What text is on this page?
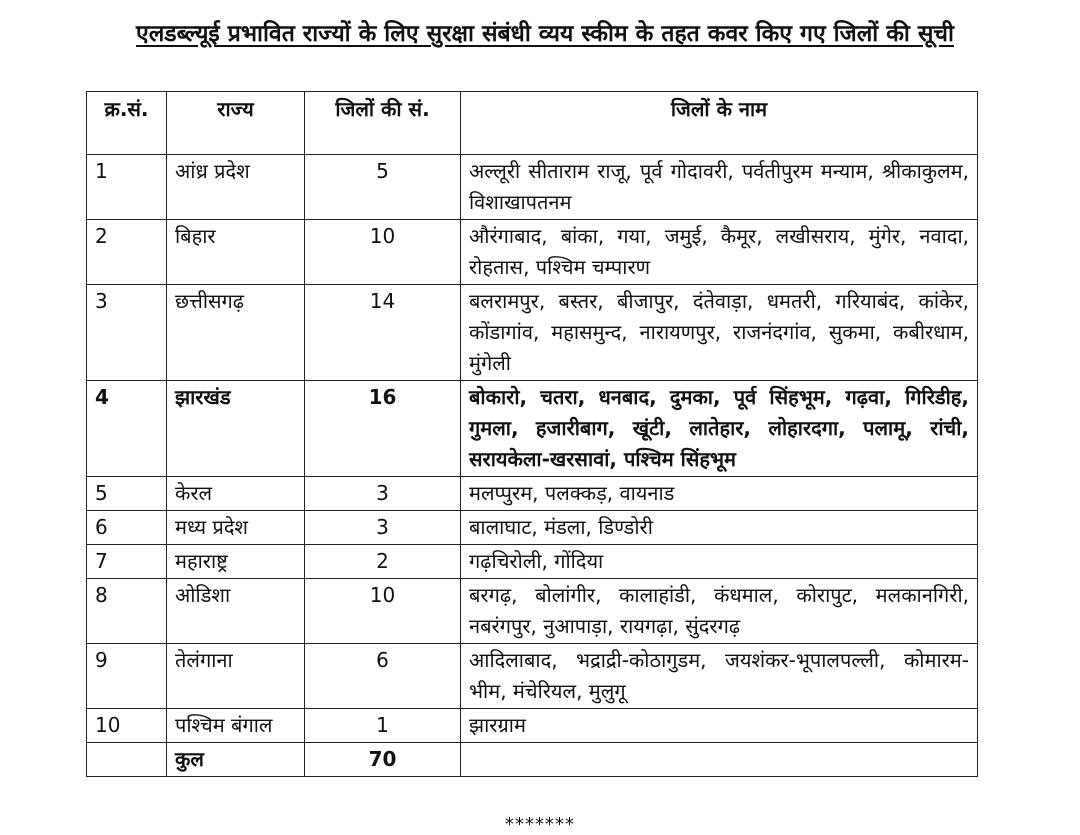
एलडब्ल्यूई प्रभावित राज्यों के लिए सुरक्षा संबंधी व्यय स्कीम के तहत कवर किए गए जिलों की सूची
क्र.सं.	राज्य	जिलों की सं.	जिलों के नाम
1	आंध्र प्रदेश	5	अल्लूरी सीताराम राजू, पूर्व गोदावरी, पर्वतीपुरम मन्याम, श्रीकाकुलम, विशाखापतनम
2	बिहार	10	औरंगाबाद, बांका, गया, जमुई, कैमूर, लखीसराय, मुंगेर, नवादा, रोहतास, पश्चिम चम्पारण
3	छत्तीसगढ़	14	बलरामपुर, बस्तर, बीजापुर, दंतेवाड़ा, धमतरी, गरियाबंद, कांकेर, कोंडागांव, महासमुन्द, नारायणपुर, राजनंदगांव, सुकमा, कबीरधाम, मुंगेली
4	झारखंड	16	बोकारो, चतरा, धनबाद, दुमका, पूर्व सिंहभूम, गढ़वा, गिरिडीह, गुमला, हजारीबाग, खूंटी, लातेहार, लोहारदगा, पलामू, रांची, सरायकेला-खरसावां, पश्चिम सिंहभूम
5	केरल	3	मलप्पुरम, पलक्कड़, वायनाड
6	मध्य प्रदेश	3	बालाघाट, मंडला, डिण्डोरी
7	महाराष्ट्र	2	गढ़चिरोली, गोंदिया
8	ओडिशा	10	बरगढ़, बोलांगीर, कालाहांडी, कंधमाल, कोरापुट, मलकानगिरी, नबरंगपुर, नुआपाड़ा, रायगढ़ा, सुंदरगढ़
9	तेलंगाना	6	आदिलाबाद, भद्राद्री-कोठागुडम, जयशंकर-भूपालपल्ली, कोमारम-भीम, मंचेरियल, मुलुगू
10	पश्चिम बंगाल	1	झारग्राम
	कुल	70	
*******
